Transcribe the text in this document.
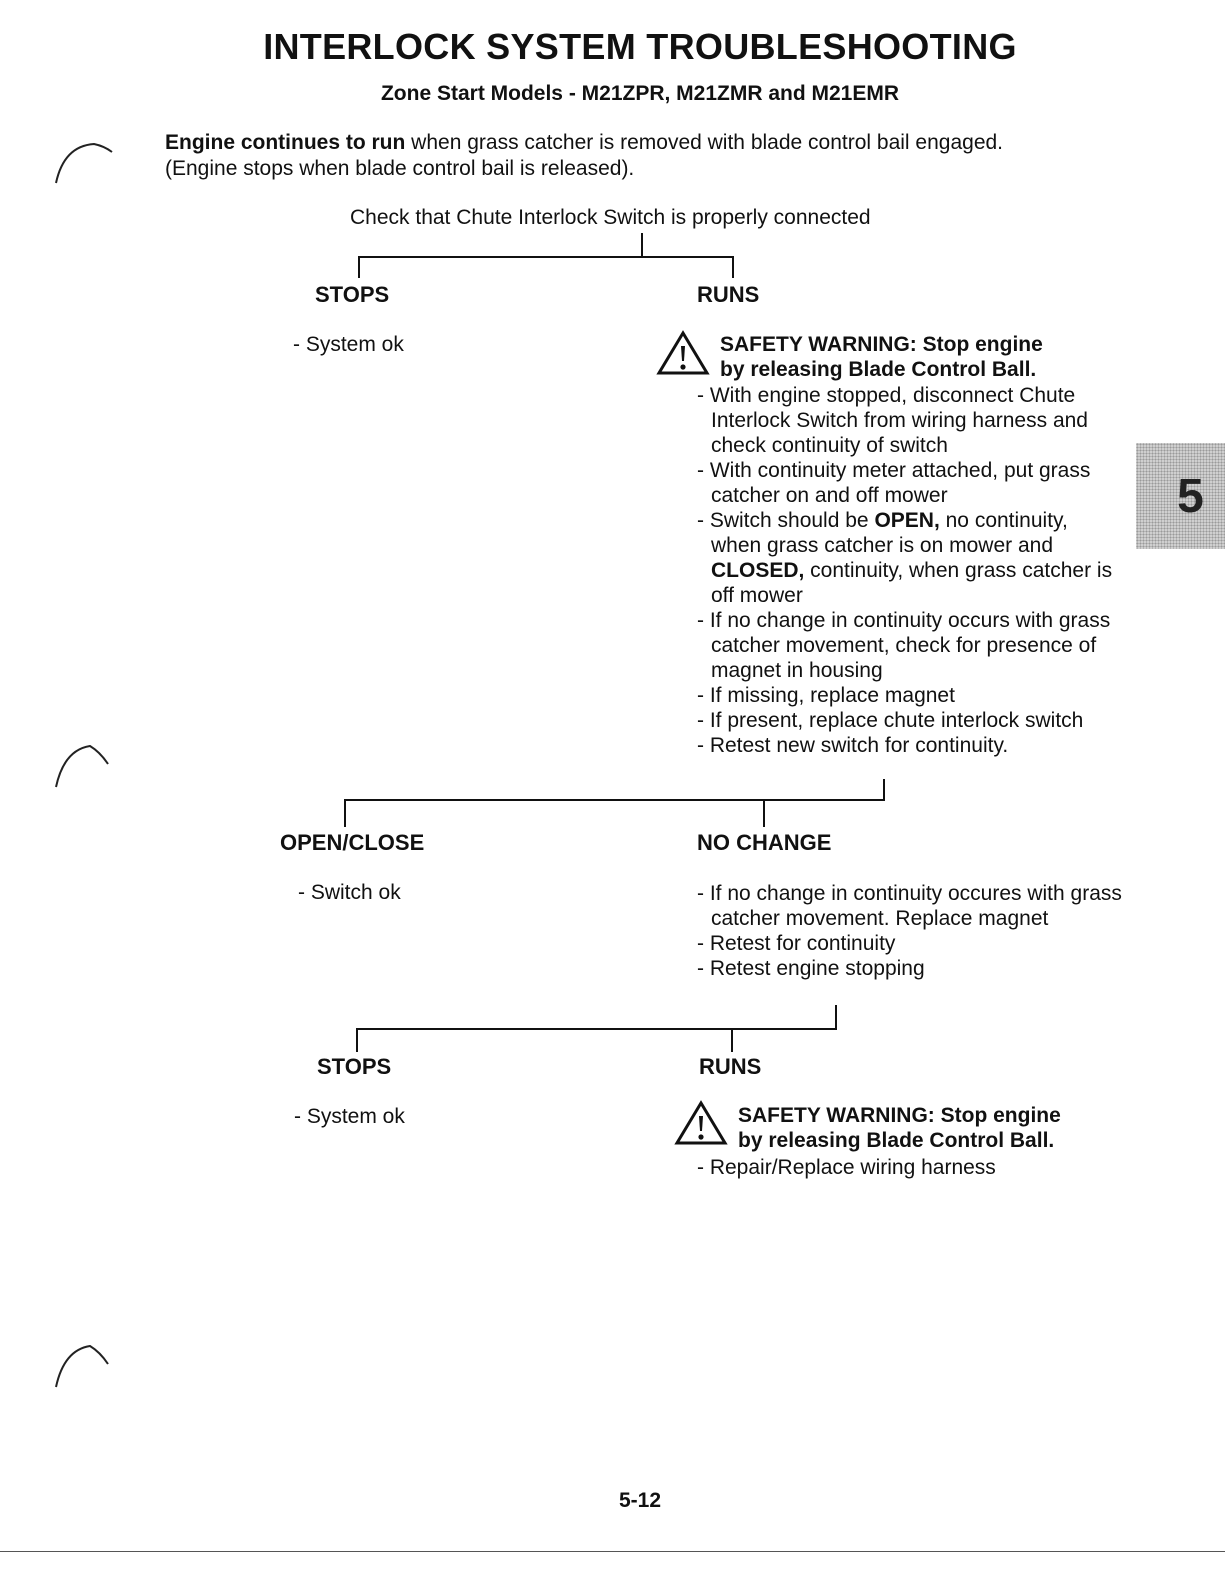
INTERLOCK SYSTEM TROUBLESHOOTING
Zone Start Models - M21ZPR, M21ZMR and M21EMR
Engine continues to run when grass catcher is removed with blade control bail engaged.
(Engine stops when blade control bail is released).
Check that Chute Interlock Switch is properly connected
STOPS	RUNS
- System ok	SAFETY WARNING: Stop engine
by releasing Blade Control Ball.
- With engine stopped, disconnect Chute Interlock Switch from wiring harness and check continuity of switch
- With continuity meter attached, put grass catcher on and off mower
- Switch should be OPEN, no continuity, when grass catcher is on mower and CLOSED, continuity, when grass catcher is off mower
- If no change in continuity occurs with grass catcher movement, check for presence of magnet in housing
- If missing, replace magnet
- If present, replace chute interlock switch
- Retest new switch for continuity.
5
OPEN/CLOSE	NO CHANGE
- Switch ok
-	If no change in continuity occures with grass catcher movement. Replace magnet
- Retest for continuity
- Retest engine stopping
STOPS	RUNS
- System ok	SAFETY WARNING: Stop engine
by releasing Blade Control Ball.
- Repair/Replace wiring harness
5-12
